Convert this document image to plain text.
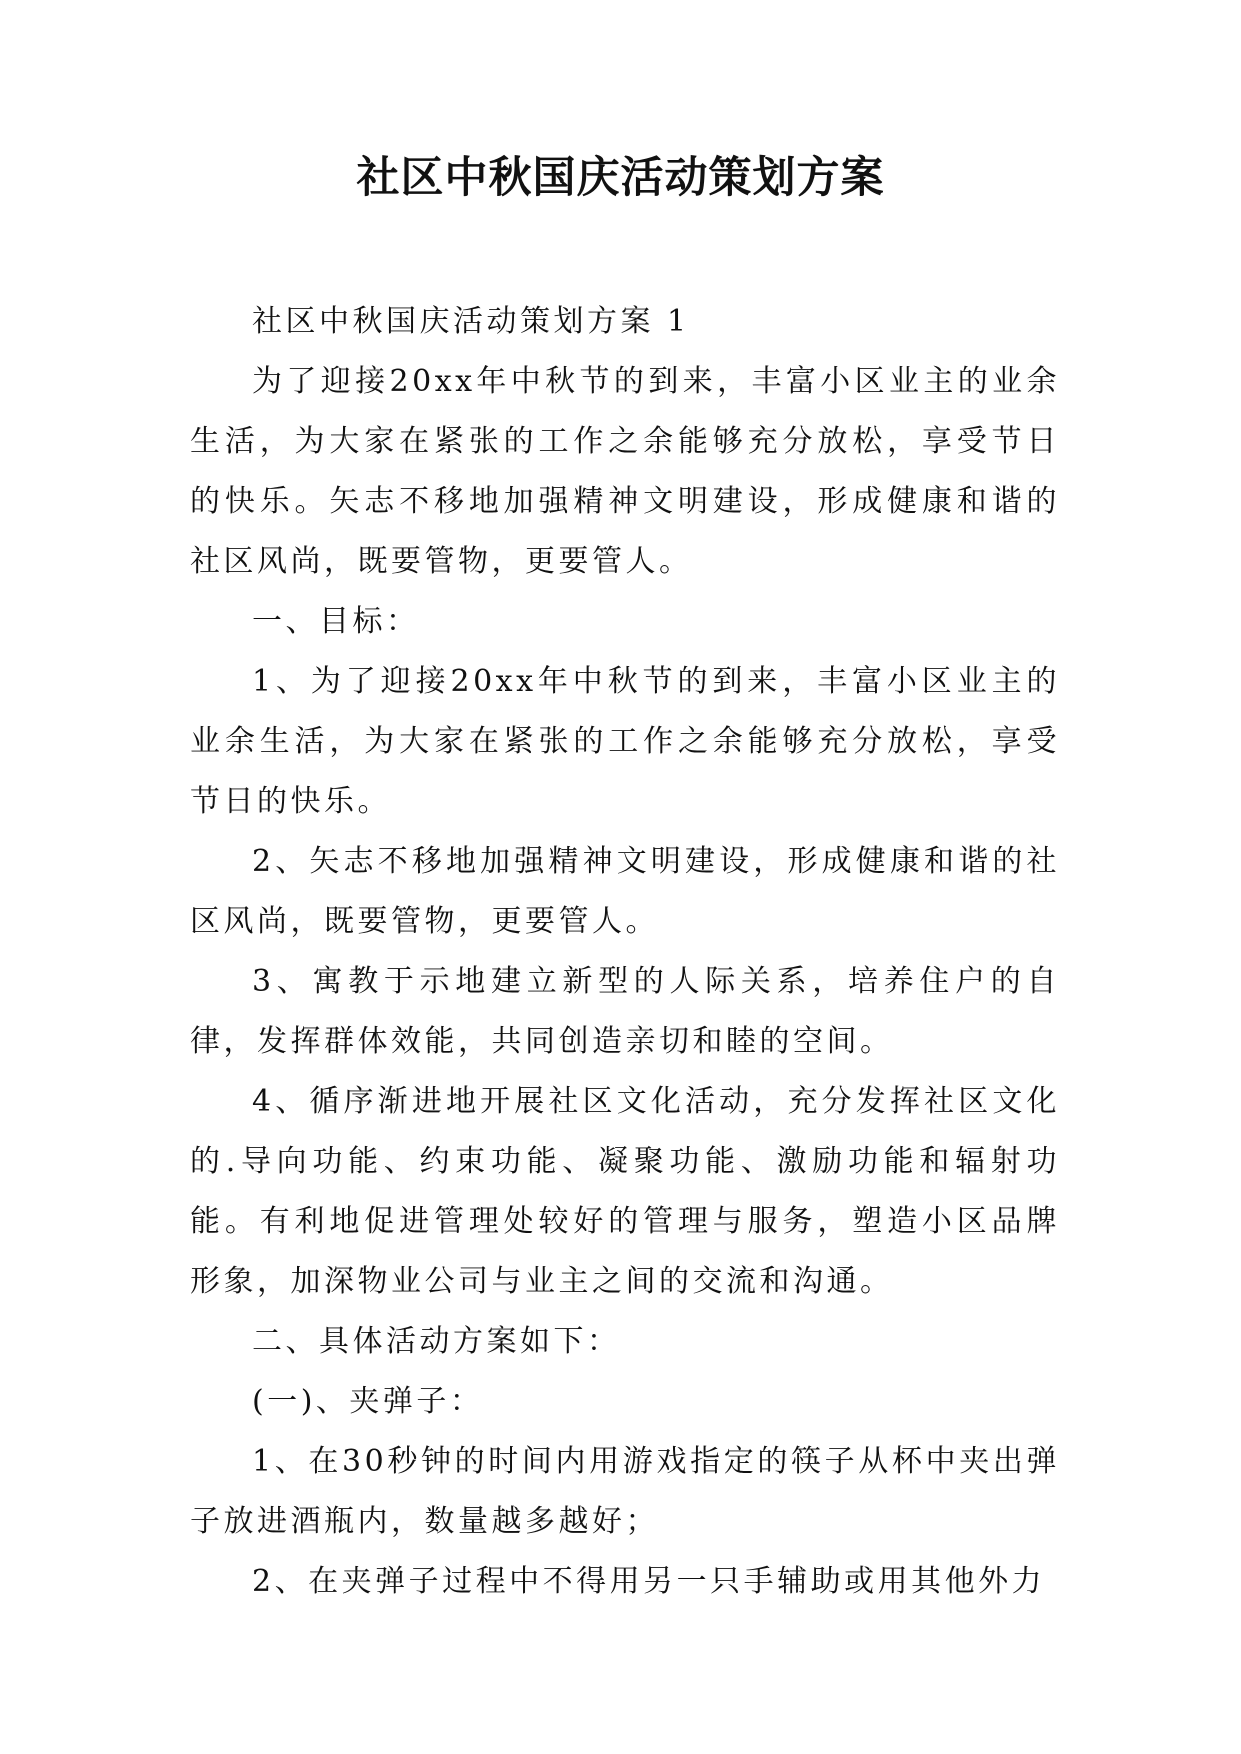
社区中秋国庆活动策划方案

社区中秋国庆活动策划方案 1

为了迎接20xx年中秋节的到来，丰富小区业主的业余生活，为大家在紧张的工作之余能够充分放松，享受节日的快乐。矢志不移地加强精神文明建设，形成健康和谐的社区风尚，既要管物，更要管人。

一、目标：

1、为了迎接20xx年中秋节的到来，丰富小区业主的业余生活，为大家在紧张的工作之余能够充分放松，享受节日的快乐。

2、矢志不移地加强精神文明建设，形成健康和谐的社区风尚，既要管物，更要管人。

3、寓教于示地建立新型的人际关系，培养住户的自律，发挥群体效能，共同创造亲切和睦的空间。

4、循序渐进地开展社区文化活动，充分发挥社区文化的.导向功能、约束功能、凝聚功能、激励功能和辐射功能。有利地促进管理处较好的管理与服务，塑造小区品牌形象，加深物业公司与业主之间的交流和沟通。

二、具体活动方案如下：

(一)、夹弹子：

1、在30秒钟的时间内用游戏指定的筷子从杯中夹出弹子放进酒瓶内，数量越多越好；

2、在夹弹子过程中不得用另一只手辅助或用其他外力
